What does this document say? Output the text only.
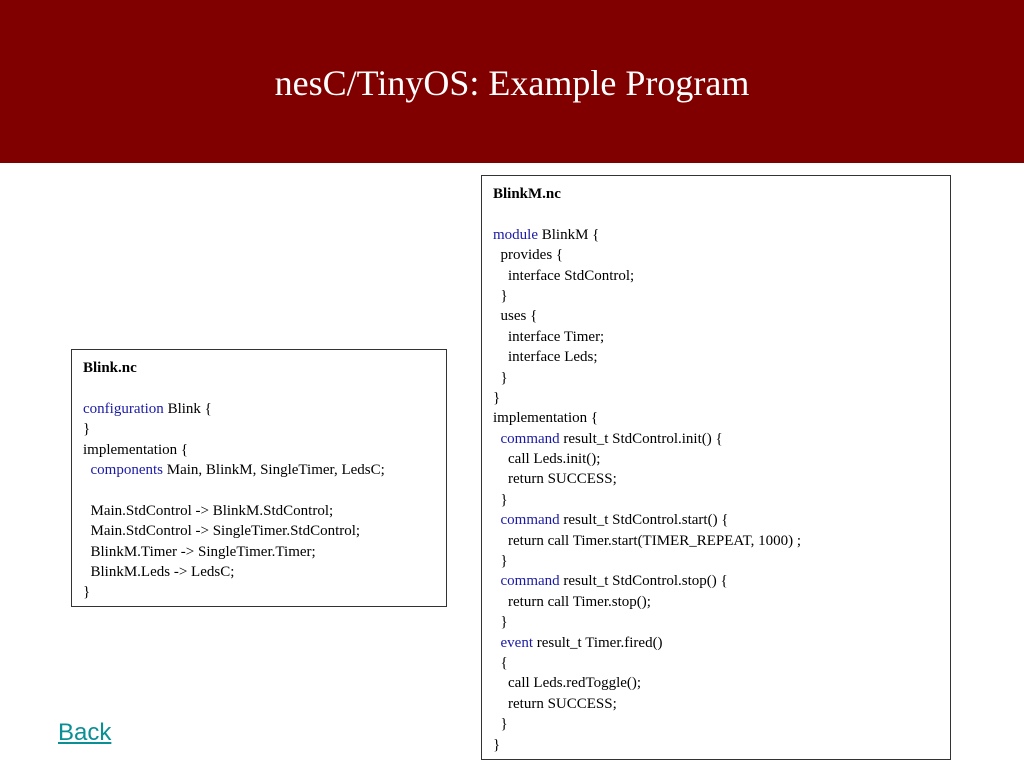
nesC/TinyOS: Example Program
Blink.nc
configuration Blink {
}
implementation {
components Main, BlinkM, SingleTimer, LedsC;
Main.StdControl -> BlinkM.StdControl;
Main.StdControl -> SingleTimer.StdControl;
BlinkM.Timer -> SingleTimer.Timer;
BlinkM.Leds -> LedsC;
}
BlinkM.nc
module BlinkM {
provides {
interface StdControl;
}
uses {
interface Timer;
interface Leds;
}
}
implementation {
command result_t StdControl.init() {
call Leds.init();
return SUCCESS;
}
command result_t StdControl.start() {
return call Timer.start(TIMER_REPEAT, 1000) ;
}
command result_t StdControl.stop() {
return call Timer.stop();
}
event result_t Timer.fired()
{
call Leds.redToggle();
return SUCCESS;
}
}
Back
